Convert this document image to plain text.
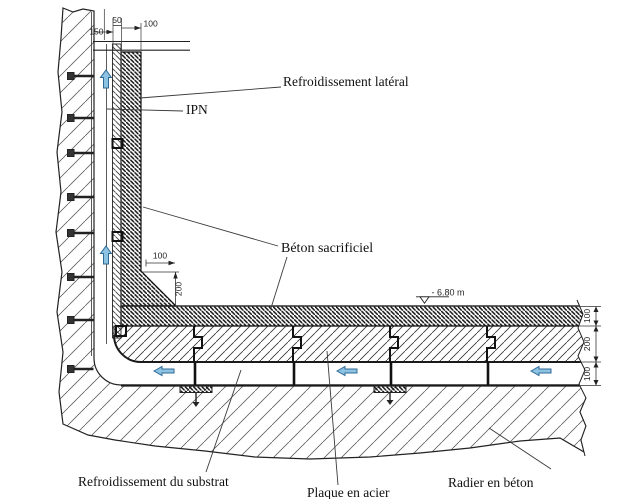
150
50	100
100
200
100
200
100
- 6.80 m
Refroidissement latéral
IPN
Béton sacrificiel
Refroidissement du substrat
Plaque en acier
Radier en béton
